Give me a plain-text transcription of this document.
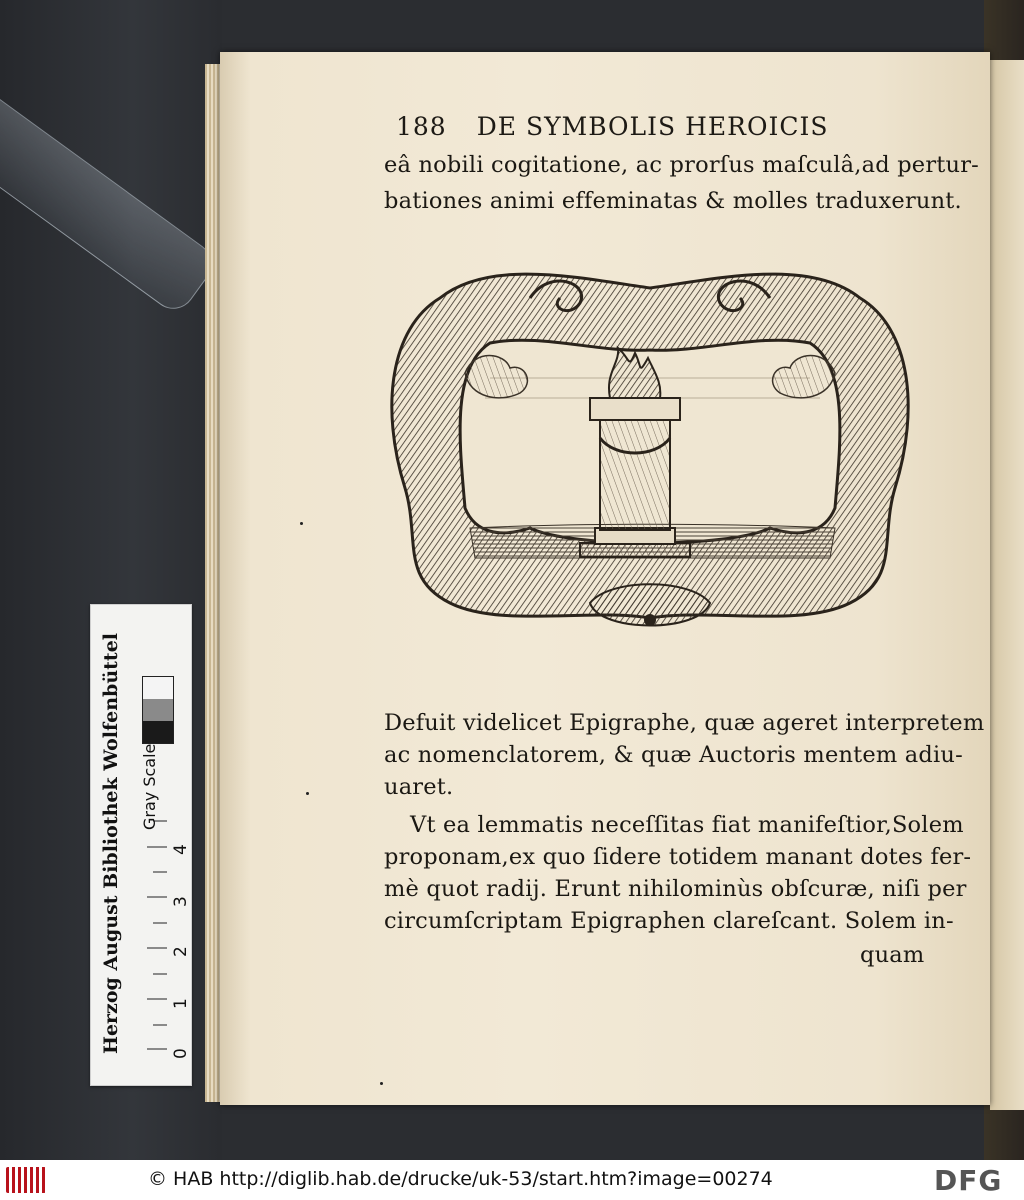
188 DE SYMBOLIS HEROICIS
eâ nobili cogitatione, ac prorſus maſculâ,ad pertur-
bationes animi effeminatas & molles traduxerunt.
Defuit videlicet Epigraphe, quæ ageret interpretem
ac nomenclatorem, & quæ Auctoris mentem adiu-
uaret.
Vt ea lemmatis neceſſitas fiat manifeſtior,Solem
proponam,ex quo ſidere totidem manant dotes fer-
mè quot radij. Erunt nihilominùs obſcuræ, niſi per
circumſcriptam Epigraphen clareſcant. Solem in-
quam
0
1
2
3
4
Herzog August Bibliothek Wolfenbüttel Gray Scale
© HAB http://diglib.hab.de/drucke/uk-53/start.htm?image=00274	DFG
